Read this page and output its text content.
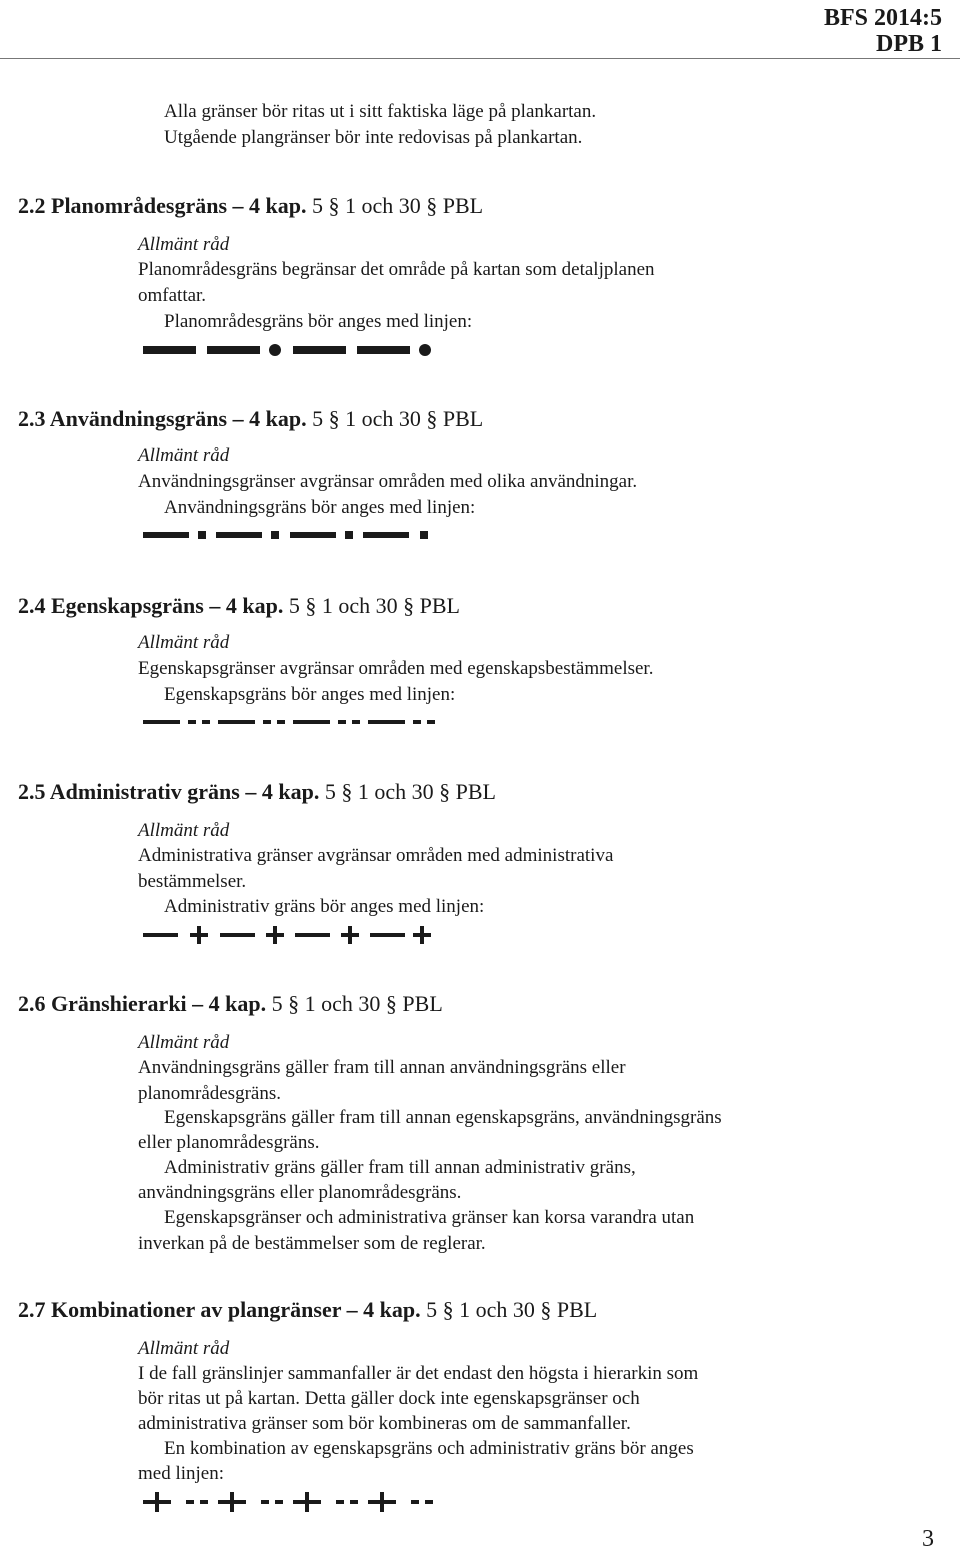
BFS 2014:5
DPB 1
Alla gränser bör ritas ut i sitt faktiska läge på plankartan.
Utgående plangränser bör inte redovisas på plankartan.
2.2 Planområdesgräns – 4 kap. 5 § 1 och 30 § PBL
Allmänt råd
Planområdesgräns begränsar det område på kartan som detaljplanen
omfattar.
Planområdesgräns bör anges med linjen:
2.3 Användningsgräns – 4 kap. 5 § 1 och 30 § PBL
Allmänt råd
Användningsgränser avgränsar områden med olika användningar.
Användningsgräns bör anges med linjen:
2.4 Egenskapsgräns – 4 kap. 5 § 1 och 30 § PBL
Allmänt råd
Egenskapsgränser avgränsar områden med egenskapsbestämmelser.
Egenskapsgräns bör anges med linjen:
2.5 Administrativ gräns – 4 kap. 5 § 1 och 30 § PBL
Allmänt råd
Administrativa gränser avgränsar områden med administrativa
bestämmelser.
Administrativ gräns bör anges med linjen:
2.6 Gränshierarki – 4 kap. 5 § 1 och 30 § PBL
Allmänt råd
Användningsgräns gäller fram till annan användningsgräns eller
planområdesgräns.
Egenskapsgräns gäller fram till annan egenskapsgräns, användningsgräns
eller planområdesgräns.
Administrativ gräns gäller fram till annan administrativ gräns,
användningsgräns eller planområdesgräns.
Egenskapsgränser och administrativa gränser kan korsa varandra utan
inverkan på de bestämmelser som de reglerar.
2.7 Kombinationer av plangränser – 4 kap. 5 § 1 och 30 § PBL
Allmänt råd
I de fall gränslinjer sammanfaller är det endast den högsta i hierarkin som
bör ritas ut på kartan. Detta gäller dock inte egenskapsgränser och
administrativa gränser som bör kombineras om de sammanfaller.
En kombination av egenskapsgräns och administrativ gräns bör anges
med linjen:
3
